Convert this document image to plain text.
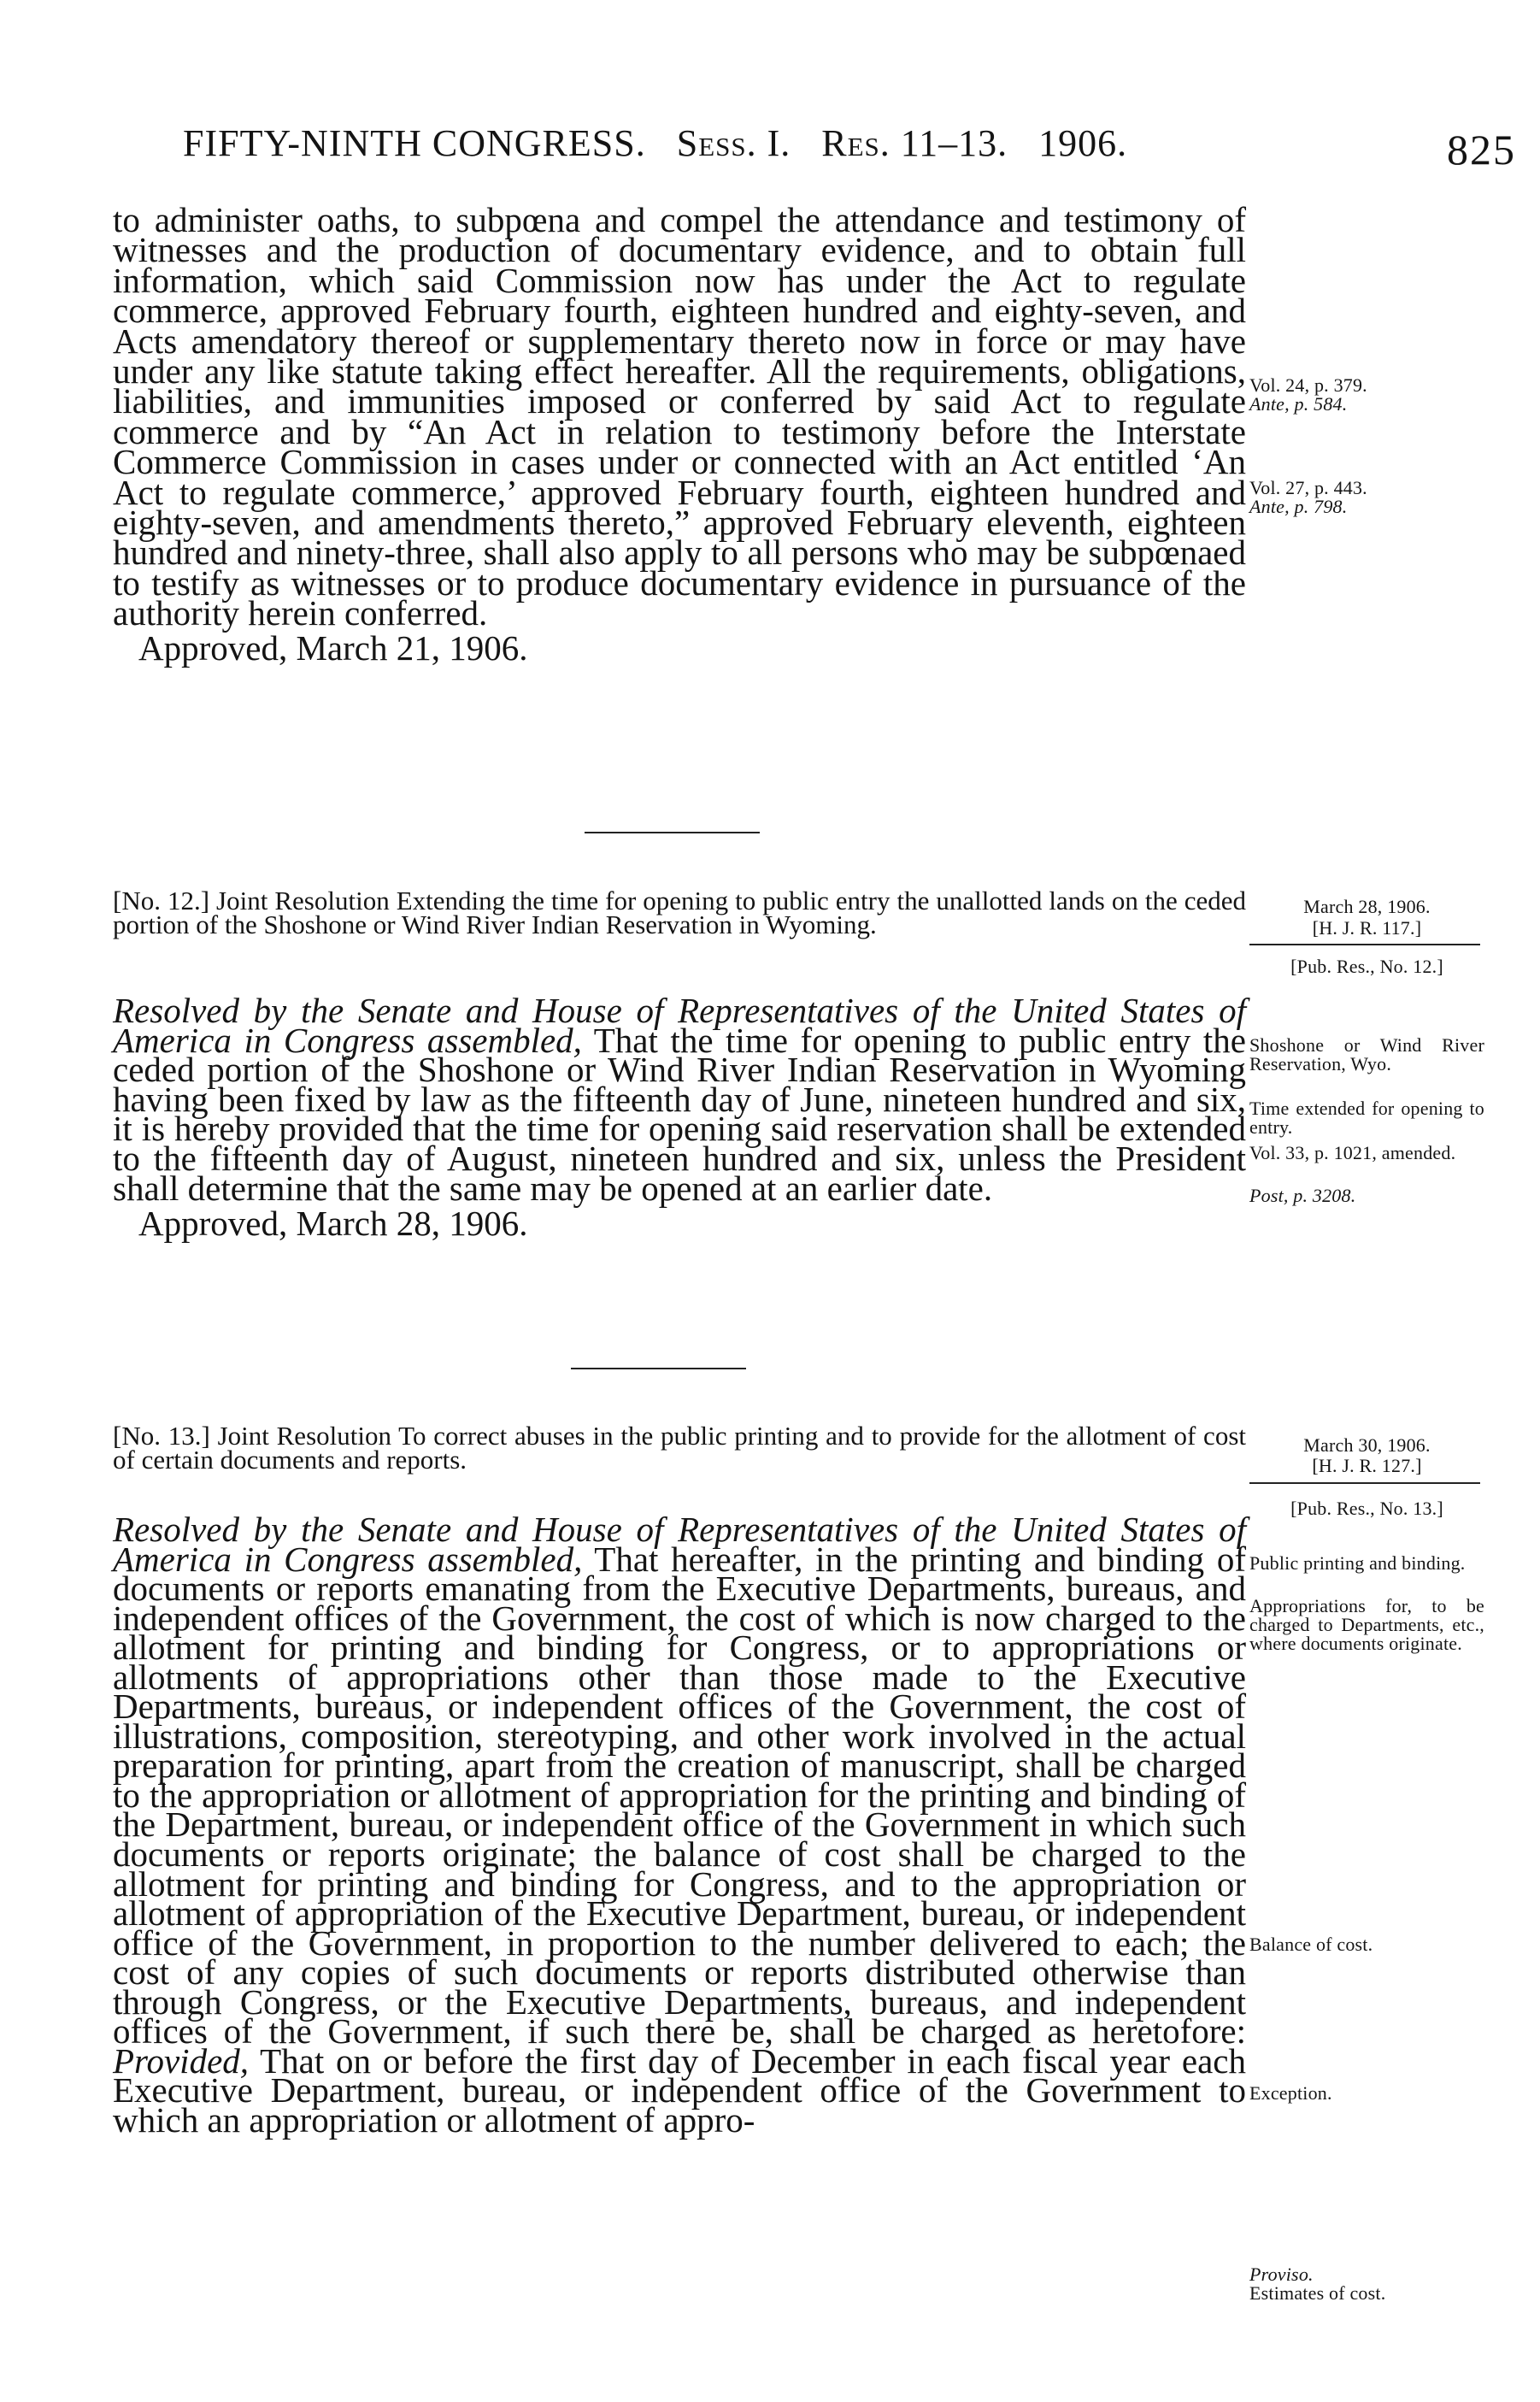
FIFTY-NINTH CONGRESS. Sess. I. Res. 11–13. 1906.	825

to administer oaths, to subpœna and compel the attendance and testimony of witnesses and the production of documentary evidence, and to obtain full information, which said Commission now has under the Act to regulate commerce, approved February fourth, eighteen hundred and eighty-seven, and Acts amendatory thereof or supplementary thereto now in force or may have under any like statute taking effect hereafter. All the requirements, obligations, liabilities, and immunities imposed or conferred by said Act to regulate commerce and by “An Act in relation to testimony before the Interstate Commerce Commission in cases under or connected with an Act entitled ‘An Act to regulate commerce,’ approved February fourth, eighteen hundred and eighty-seven, and amendments thereto,” approved February eleventh, eighteen hundred and ninety-three, shall also apply to all persons who may be subpœnaed to testify as witnesses or to produce documentary evidence in pursuance of the authority herein conferred.

Approved, March 21, 1906.

Vol. 24, p. 379.
Ante, p. 584.
Vol. 27, p. 443.
Ante, p. 798.
[No. 12.] Joint Resolution Extending the time for opening to public entry the unallotted lands on the ceded portion of the Shoshone or Wind River Indian Reservation in Wyoming.
March 28, 1906.
[H. J. R. 117.]
[Pub. Res., No. 12.]
Shoshone or Wind River Reservation, Wyo.
Time extended for opening to entry.
Vol. 33, p. 1021, amended.
Post, p. 3208.

Resolved by the Senate and House of Representatives of the United States of America in Congress assembled, That the time for opening to public entry the ceded portion of the Shoshone or Wind River Indian Reservation in Wyoming having been fixed by law as the fifteenth day of June, nineteen hundred and six, it is hereby provided that the time for opening said reservation shall be extended to the fifteenth day of August, nineteen hundred and six, unless the President shall determine that the same may be opened at an earlier date.

Approved, March 28, 1906.

[No. 13.] Joint Resolution To correct abuses in the public printing and to provide for the allotment of cost of certain documents and reports.	March 30, 1906.
[H. J. R. 127.]
[Pub. Res., No. 13.]
Public printing and binding.
Appropriations for, to be charged to Departments, etc., where documents originate.
Balance of cost.
Exception.
Proviso.
Estimates of cost.

Resolved by the Senate and House of Representatives of the United States of America in Congress assembled, That hereafter, in the printing and binding of documents or reports emanating from the Executive Departments, bureaus, and independent offices of the Government, the cost of which is now charged to the allotment for printing and binding for Congress, or to appropriations or allotments of appropriations other than those made to the Executive Departments, bureaus, or independent offices of the Government, the cost of illustrations, composition, stereotyping, and other work involved in the actual preparation for printing, apart from the creation of manuscript, shall be charged to the appropriation or allotment of appropriation for the printing and binding of the Department, bureau, or independent office of the Government in which such documents or reports originate; the balance of cost shall be charged to the allotment for printing and binding for Congress, and to the appropriation or allotment of appropriation of the Executive Department, bureau, or independent office of the Government, in proportion to the number delivered to each; the cost of any copies of such documents or reports distributed otherwise than through Congress, or the Executive Departments, bureaus, and independent offices of the Government, if such there be, shall be charged as heretofore: Provided, That on or before the first day of December in each fiscal year each Executive Department, bureau, or independent office of the Government to which an appropriation or allotment of appro-
